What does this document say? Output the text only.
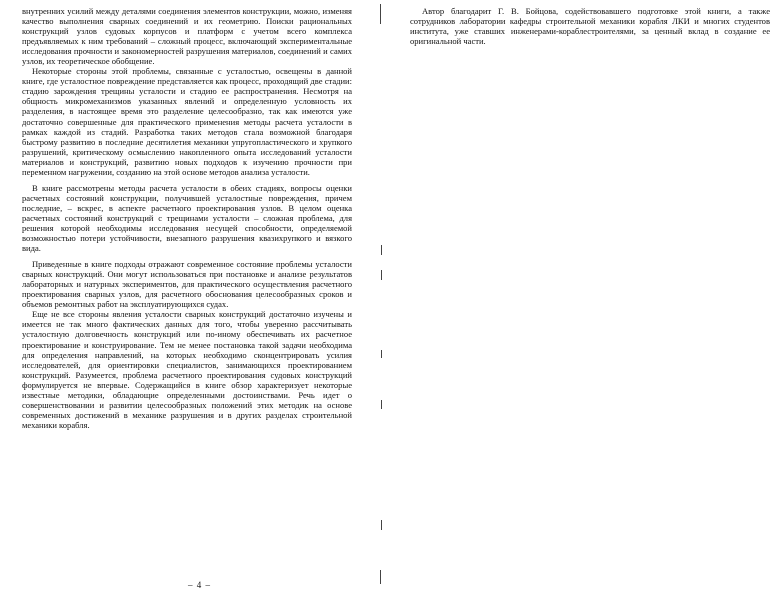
внутренних усилий между деталями соединения элементов конструкции, можно, изменяя качество выполнения сварных соединений и их геометрию. Поиски рациональных конструкций узлов судовых корпусов и платформ с учетом всего комплекса предъявляемых к ним требований – сложный процесс, включающий экспериментальные исследования прочности и закономерностей разрушения материалов, соединений и самих узлов, их теоретическое обобщение.

Некоторые стороны этой проблемы, связанные с усталостью, освещены в данной книге, где усталостное повреждение представляется как процесс, проходящий две стадии: стадию зарождения трещины усталости и стадию ее распространения. Несмотря на общность микромеханизмов указанных явлений и определенную условность их разделения, в настоящее время это разделение целесообразно, так как имеются уже достаточно совершенные для практического применения методы расчета усталости в рамках каждой из стадий. Разработка таких методов стала возможной благодаря быстрому развитию в последние десятилетия механики упругопластического и хрупкого разрушений, критическому осмыслению накопленного опыта исследований усталости материалов и конструкций, развитию новых подходов к изучению прочности при переменном нагружении, созданию на этой основе методов анализа усталости.

В книге рассмотрены методы расчета усталости в обеих стадиях, вопросы оценки расчетных состояний конструкции, получившей усталостные повреждения, причем последние, – вскрес, в аспекте расчетного проектирования узлов. В целом оценка расчетных состояний конструкций с трещинами усталости – сложная проблема, для решения которой необходимы исследования несущей способности, определяемой возможностью потери устойчивости, внезапного разрушения квазихрупкого и вязкого вида.

Приведенные в книге подходы отражают современное состояние проблемы усталости сварных конструкций. Они могут использоваться при постановке и анализе результатов лабораторных и натурных экспериментов, для практического осуществления расчетного проектирования сварных узлов, для расчетного обоснования целесообразных сроков и объемов ремонтных работ на эксплуатирующихся судах.

Еще не все стороны явления усталости сварных конструкций достаточно изучены и имеется не так много фактических данных для того, чтобы уверенно рассчитывать усталостную долговечность конструкций или по-иному обеспечивать их расчетное проектирование и конструирование. Тем не менее постановка такой задачи необходима для определения направлений, на которых необходимо сконцентрировать усилия исследователей, для ориентировки специалистов, занимающихся проектированием конструкций. Разумеется, проблема расчетного проектирования судовых конструкций формулируется не впервые. Содержащийся в книге обзор характеризует некоторые известные методики, обладающие определенными достоинствами. Речь идет о совершенствовании и развитии целесообразных положений этих методик на основе современных достижений в механике разрушения и в других разделах строительной механики корабля.

– 4 –

Автор благодарит Г. В. Бойцова, содействовавшего подготовке этой книги, а также сотрудников лаборатории кафедры строительной механики корабля ЛКИ и многих студентов института, уже ставших инженерами-кораблестроителями, за ценный вклад в создание ее оригинальной части.
